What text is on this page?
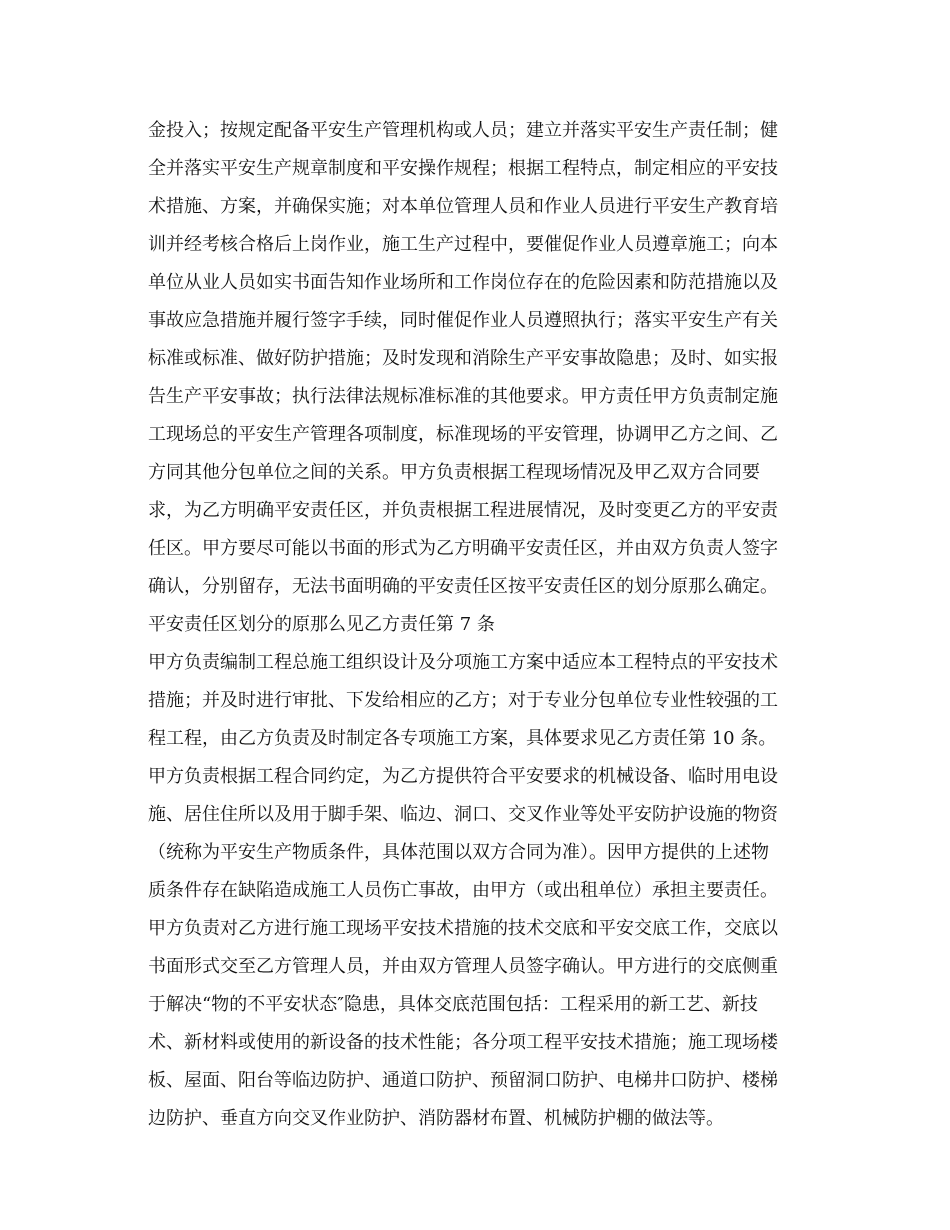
金投入；按规定配备平安生产管理机构或人员；建立并落实平安生产责任制；健
全并落实平安生产规章制度和平安操作规程；根据工程特点，制定相应的平安技
术措施、方案，并确保实施；对本单位管理人员和作业人员进行平安生产教育培
训并经考核合格后上岗作业，施工生产过程中，要催促作业人员遵章施工；向本
单位从业人员如实书面告知作业场所和工作岗位存在的危险因素和防范措施以及
事故应急措施并履行签字手续，同时催促作业人员遵照执行；落实平安生产有关
标准或标准、做好防护措施；及时发现和消除生产平安事故隐患；及时、如实报
告生产平安事故；执行法律法规标准标准的其他要求。甲方责任甲方负责制定施
工现场总的平安生产管理各项制度，标准现场的平安管理，协调甲乙方之间、乙
方同其他分包单位之间的关系。甲方负责根据工程现场情况及甲乙双方合同要
求，为乙方明确平安责任区，并负责根据工程进展情况，及时变更乙方的平安责
任区。甲方要尽可能以书面的形式为乙方明确平安责任区，并由双方负责人签字
确认，分别留存，无法书面明确的平安责任区按平安责任区的划分原那么确定。
平安责任区划分的原那么见乙方责任第 7 条
甲方负责编制工程总施工组织设计及分项施工方案中适应本工程特点的平安技术
措施；并及时进行审批、下发给相应的乙方；对于专业分包单位专业性较强的工
程工程，由乙方负责及时制定各专项施工方案，具体要求见乙方责任第 10 条。
甲方负责根据工程合同约定，为乙方提供符合平安要求的机械设备、临时用电设
施、居住住所以及用于脚手架、临边、洞口、交叉作业等处平安防护设施的物资
（统称为平安生产物质条件，具体范围以双方合同为准）。因甲方提供的上述物
质条件存在缺陷造成施工人员伤亡事故，由甲方（或出租单位）承担主要责任。
甲方负责对乙方进行施工现场平安技术措施的技术交底和平安交底工作，交底以
书面形式交至乙方管理人员，并由双方管理人员签字确认。甲方进行的交底侧重
于解决“物的不平安状态″隐患，具体交底范围包括：工程采用的新工艺、新技
术、新材料或使用的新设备的技术性能；各分项工程平安技术措施；施工现场楼
板、屋面、阳台等临边防护、通道口防护、预留洞口防护、电梯井口防护、楼梯
边防护、垂直方向交叉作业防护、消防器材布置、机械防护棚的做法等。
